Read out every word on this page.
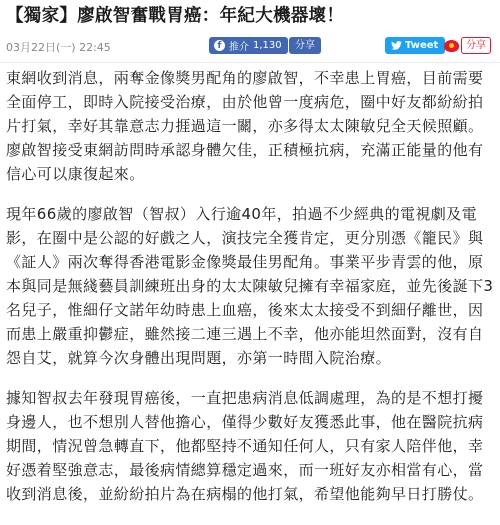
【獨家】廖啟智奮戰胃癌：年紀大機器壞！
03月22日(一) 22:45	f 推介 1,130	分享	Tweet	分享

東網收到消息，兩奪金像獎男配角的廖啟智，不幸患上胃癌，目前需要全面停工，即時入院接受治療，由於他曾一度病危，圈中好友都紛紛拍片打氣，幸好其靠意志力捱過這一關，亦多得太太陳敏兒全天候照顧。廖啟智接受東網訪問時承認身體欠佳，正積極抗病，充滿正能量的他有信心可以康復起來。

現年66歲的廖啟智（智叔）入行逾40年，拍過不少經典的電視劇及電影，在圈中是公認的好戲之人，演技完全獲肯定，更分別憑《籠民》與《証人》兩次奪得香港電影金像獎最佳男配角。事業平步青雲的他，原本與同是無綫藝員訓練班出身的太太陳敏兒擁有幸福家庭，並先後誕下3名兒子，惟細仔文諾年幼時患上血癌，後來太太接受不到細仔離世，因而患上嚴重抑鬱症，雖然接二連三遇上不幸，他亦能坦然面對，沒有自怨自艾，就算今次身體出現問題，亦第一時間入院治療。

據知智叔去年發現胃癌後，一直把患病消息低調處理，為的是不想打擾身邊人，也不想別人替他擔心，僅得少數好友獲悉此事，他在醫院抗病期間，情況曾急轉直下，他都堅持不通知任何人，只有家人陪伴他，幸好憑着堅強意志，最後病情總算穩定過來，而一班好友亦相當有心，當收到消息後，並紛紛拍片為在病榻的他打氣，希望他能夠早日打勝仗。
